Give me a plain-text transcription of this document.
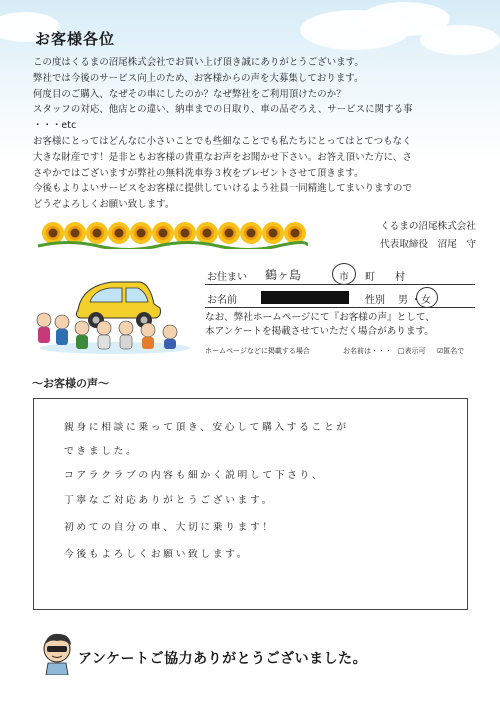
お客様各位
この度はくるまの沼尾株式会社でお買い上げ頂き誠にありがとうございます。
弊社では今後のサービス向上のため、お客様からの声を大募集しております。
何度目のご購入、なぜその車にしたのか？なぜ弊社をご利用頂けたのか？
スタッフの対応、他店との違い、納車までの日取り、車の品ぞろえ、サービスに関する事
・・・etc
お客様にとってはどんなに小さいことでも些細なことでも私たちにとってはとてつもなく
大きな財産です！是非ともお客様の貴重なお声をお聞かせ下さい。お答え頂いた方に、さ
さやかではございますが弊社の無料洗車券３枚をプレゼントさせて頂きます。
今後もよりよいサービスをお客様に提供していけるよう社員一同精進してまいりますので
どうぞよろしくお願い致します。
くるまの沼尾株式会社
代表取締役　沼尾　守
お住まい 鶴ヶ島	市 町 村
お名前	性別 男 ・ 女
なお、弊社ホームページにて『お客様の声』として、
本アンケートを掲載させていただく場合があります。
ホームページなどに掲載する場合	お名前は・・・ □表示可 ☑匿名で
～お客様の声～
親身に相談に乗って頂き、安心して購入することが
できました。
コアラクラブの内容も細かく説明して下さり、
丁寧なご対応ありがとうございます。
初めての自分の車、大切に乗ります！
今後もよろしくお願い致します。
アンケートご協力ありがとうございました。
